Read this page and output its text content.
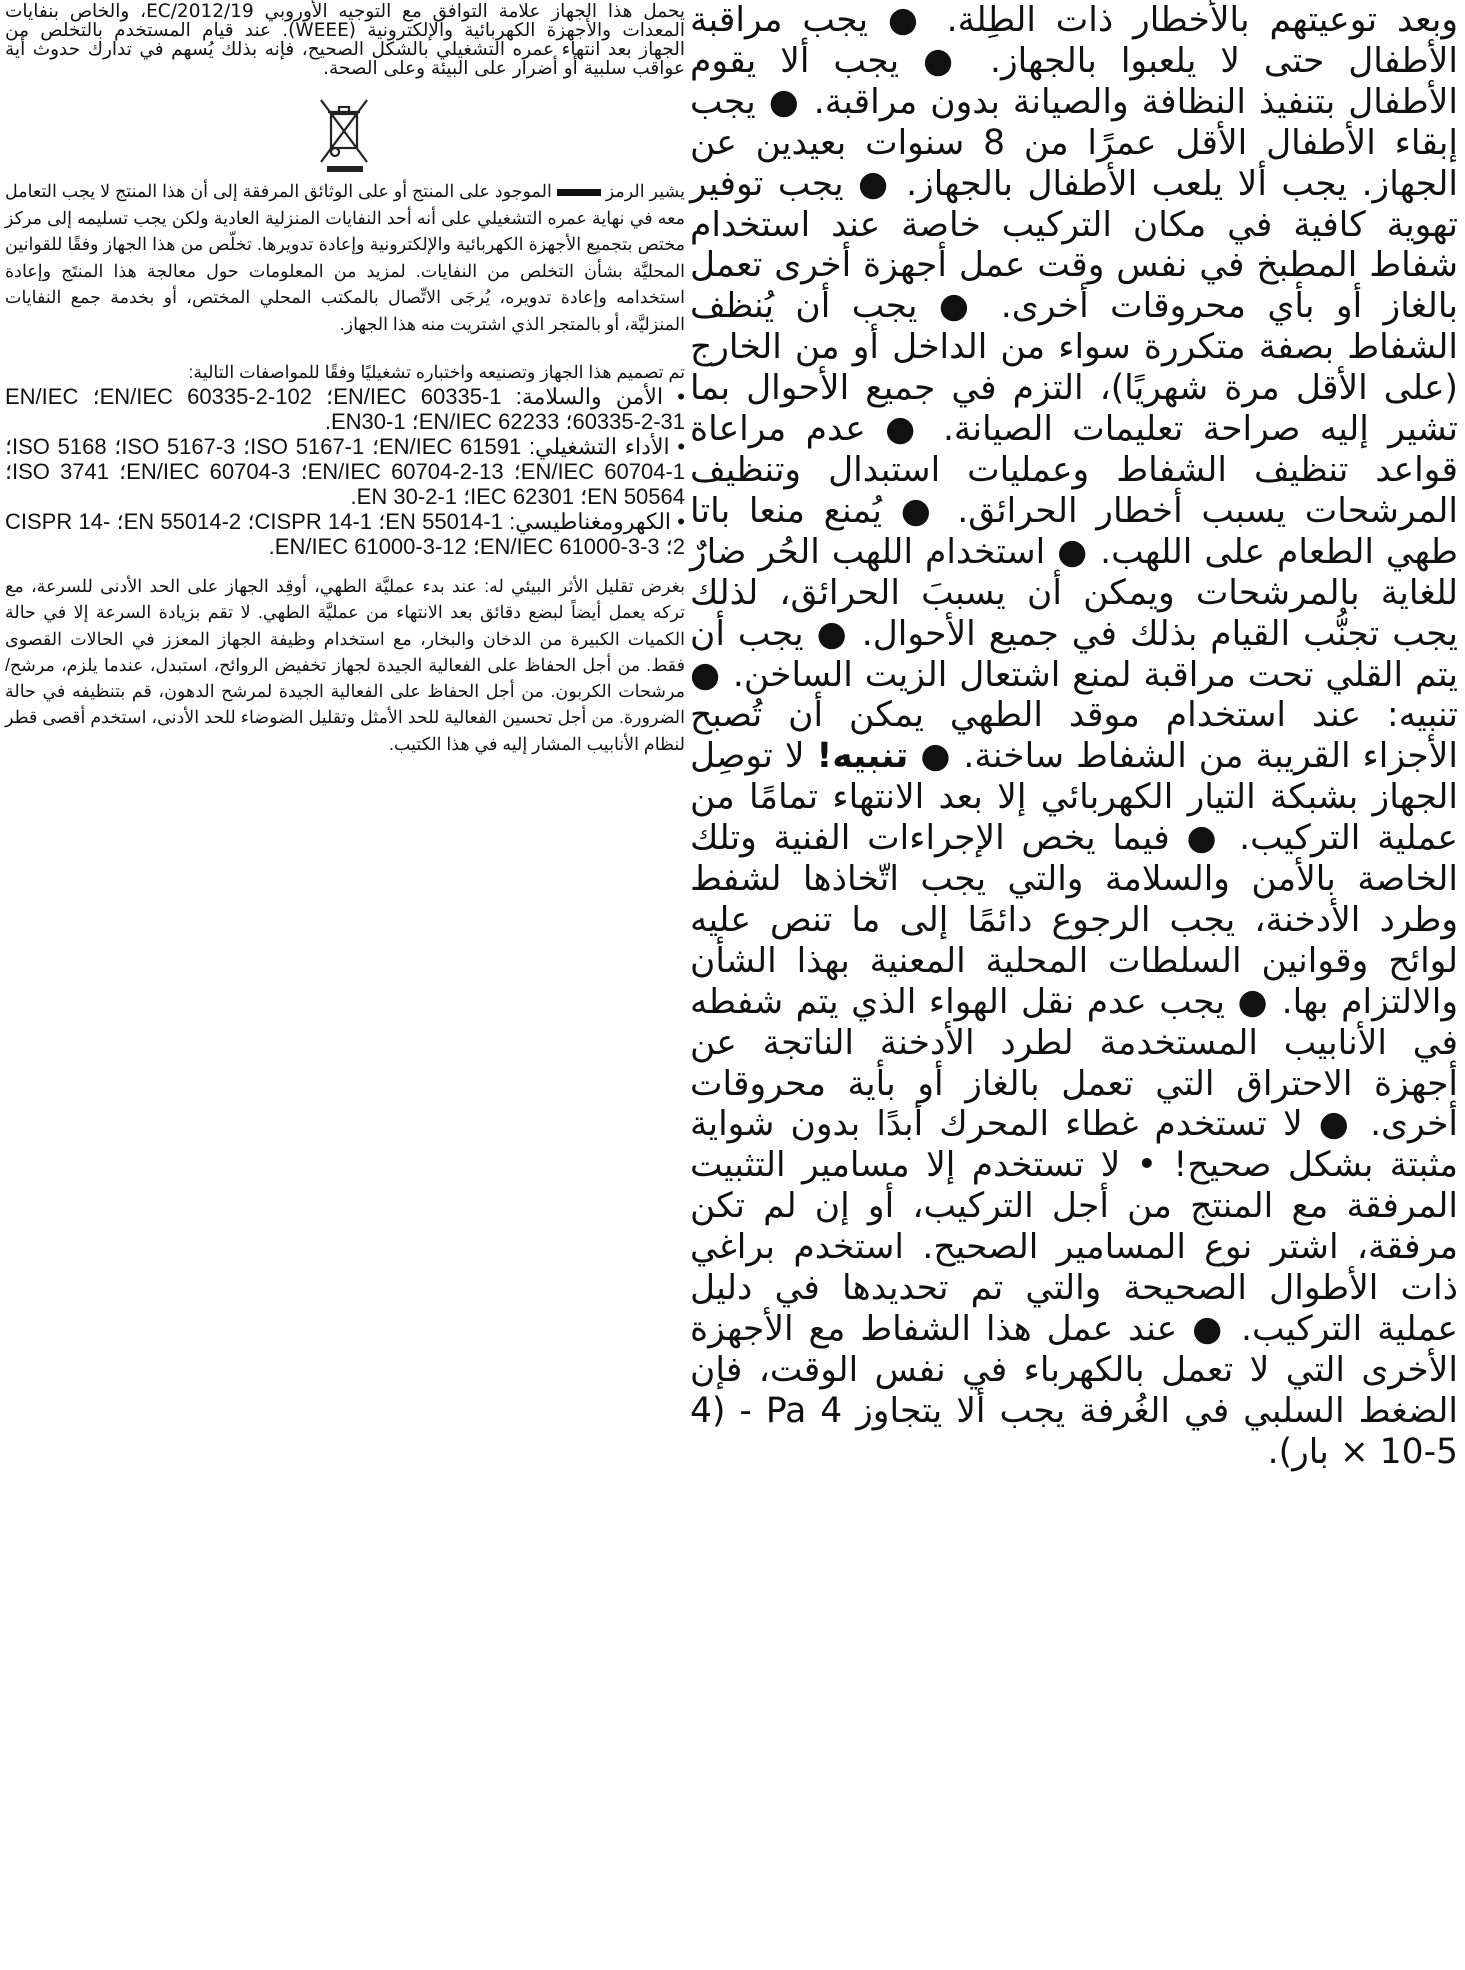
وبعد توعيتهم بالأخطار ذات الطِلة. ● يجب مراقبة الأطفال حتى لا يلعبوا بالجهاز. ● يجب ألا يقوم الأطفال بتنفيذ النظافة والصيانة بدون مراقبة. ● يجب إبقاء الأطفال الأقل عمرًا من 8 سنوات بعيدين عن الجهاز. يجب ألا يلعب الأطفال بالجهاز. ● يجب توفير تهوية كافية في مكان التركيب خاصة عند استخدام شفاط المطبخ في نفس وقت عمل أجهزة أخرى تعمل بالغاز أو بأي محروقات أخرى. ● يجب أن يُنظف الشفاط بصفة متكررة سواء من الداخل أو من الخارج (على الأقل مرة شهريًا)، التزم في جميع الأحوال بما تشير إليه صراحة تعليمات الصيانة. ● عدم مراعاة قواعد تنظيف الشفاط وعمليات استبدال وتنظيف المرشحات يسبب أخطار الحرائق. ● يُمنع منعا باتا طهي الطعام على اللهب. ● استخدام اللهب الحُر ضارٌ للغاية بالمرشحات ويمكن أن يسببَ الحرائق، لذلك يجب تجنُّب القيام بذلك في جميع الأحوال. ● يجب أن يتم القلي تحت مراقبة لمنع اشتعال الزيت الساخن. ● تنبيه: عند استخدام موقد الطهي يمكن أن تُصبح الأجزاء القريبة من الشفاط ساخنة. ● تنبيه! لا توصِل الجهاز بشبكة التيار الكهربائي إلا بعد الانتهاء تمامًا من عملية التركيب. ● فيما يخص الإجراءات الفنية وتلك الخاصة بالأمن والسلامة والتي يجب اتّخاذها لشفط وطرد الأدخنة، يجب الرجوع دائمًا إلى ما تنص عليه لوائح وقوانين السلطات المحلية المعنية بهذا الشأن والالتزام بها. ● يجب عدم نقل الهواء الذي يتم شفطه في الأنابيب المستخدمة لطرد الأدخنة الناتجة عن أجهزة الاحتراق التي تعمل بالغاز أو بأية محروقات أخرى. ● لا تستخدم غطاء المحرك أبدًا بدون شواية مثبتة بشكل صحيح! • لا تستخدم إلا مسامير التثبيت المرفقة مع المنتج من أجل التركيب، أو إن لم تكن مرفقة، اشتر نوع المسامير الصحيح. استخدم براغي ذات الأطوال الصحيحة والتي تم تحديدها في دليل عملية التركيب. ● عند عمل هذا الشفاط مع الأجهزة الأخرى التي لا تعمل بالكهرباء في نفس الوقت، فإن الضغط السلبي في الغُرفة يجب ألا يتجاوز 4 Pa - (4 × 10-5 بار).

يحمل هذا الجهاز علامة التوافق مع التوجيه الأوروبي 2012/19/EC، والخاص بنفايات المعدات والأجهزة الكهربائية والإلكترونية (WEEE). عند قيام المستخدم بالتخلص من الجهاز بعد انتهاء عمره التشغيلي بالشكل الصحيح، فإنه بذلك يُسهم في تدارك حدوث أية عواقب سلبية أو أضرار على البيئة وعلى الصحة.

يشير الرمز  الموجود على المنتج أو على الوثائق المرفقة إلى أن هذا المنتج لا يجب التعامل معه في نهاية عمره التشغيلي على أنه أحد النفايات المنزلية العادية ولكن يجب تسليمه إلى مركز مختص بتجميع الأجهزة الكهربائية والإلكترونية وإعادة تدويرها. تخلّص من هذا الجهاز وفقًا للقوانين المحليَّة بشأن التخلص من النفايات. لمزيد من المعلومات حول معالجة هذا المنتَج وإعادة استخدامه وإعادة تدويره، يُرجَى الاتِّصال بالمكتب المحلي المختص، أو بخدمة جمع النفايات المنزليَّة، أو بالمتجر الذي اشتريت منه هذا الجهاز.

تم تصميم هذا الجهاز وتصنيعه واختباره تشغيليًا وفقًا للمواصفات التالية:
• الأمن والسلامة: EN/IEC 60335-1؛ EN/IEC 60335-2-102؛ EN/IEC 60335-2-31؛ EN/IEC 62233؛ EN30-1.
• الأداء التشغيلي: EN/IEC 61591؛ ISO 5167-1؛ ISO 5167-3؛ ISO 5168؛ EN/IEC 60704-1؛ EN/IEC 60704-2-13؛ EN/IEC 60704-3؛ ISO 3741؛ EN 50564؛ IEC 62301؛ EN 30-2-1.
• الكهرومغناطيسي: EN 55014-1؛ CISPR 14-1؛ EN 55014-2؛ CISPR 14-2؛ EN/IEC 61000-3-3؛ EN/IEC 61000-3-12.

بغرض تقليل الأثر البيئي له: عند بدء عمليَّة الطهي، أوقِد الجهاز على الحد الأدنى للسرعة، مع تركه يعمل أيضاً لبضع دقائق بعد الانتهاء من عمليَّة الطهي. لا تقم بزيادة السرعة إلا في حالة الكميات الكبيرة من الدخان والبخار، مع استخدام وظيفة الجهاز المعزز في الحالات القصوى فقط. من أجل الحفاظ على الفعالية الجيدة لجهاز تخفيض الروائح، استبدل، عندما يلزم، مرشح/مرشحات الكربون. من أجل الحفاظ على الفعالية الجيدة لمرشح الدهون، قم بتنظيفه في حالة الضرورة. من أجل تحسين الفعالية للحد الأمثل وتقليل الضوضاء للحد الأدنى، استخدم أقصى قطر لنظام الأنابيب المشار إليه في هذا الكتيب.
